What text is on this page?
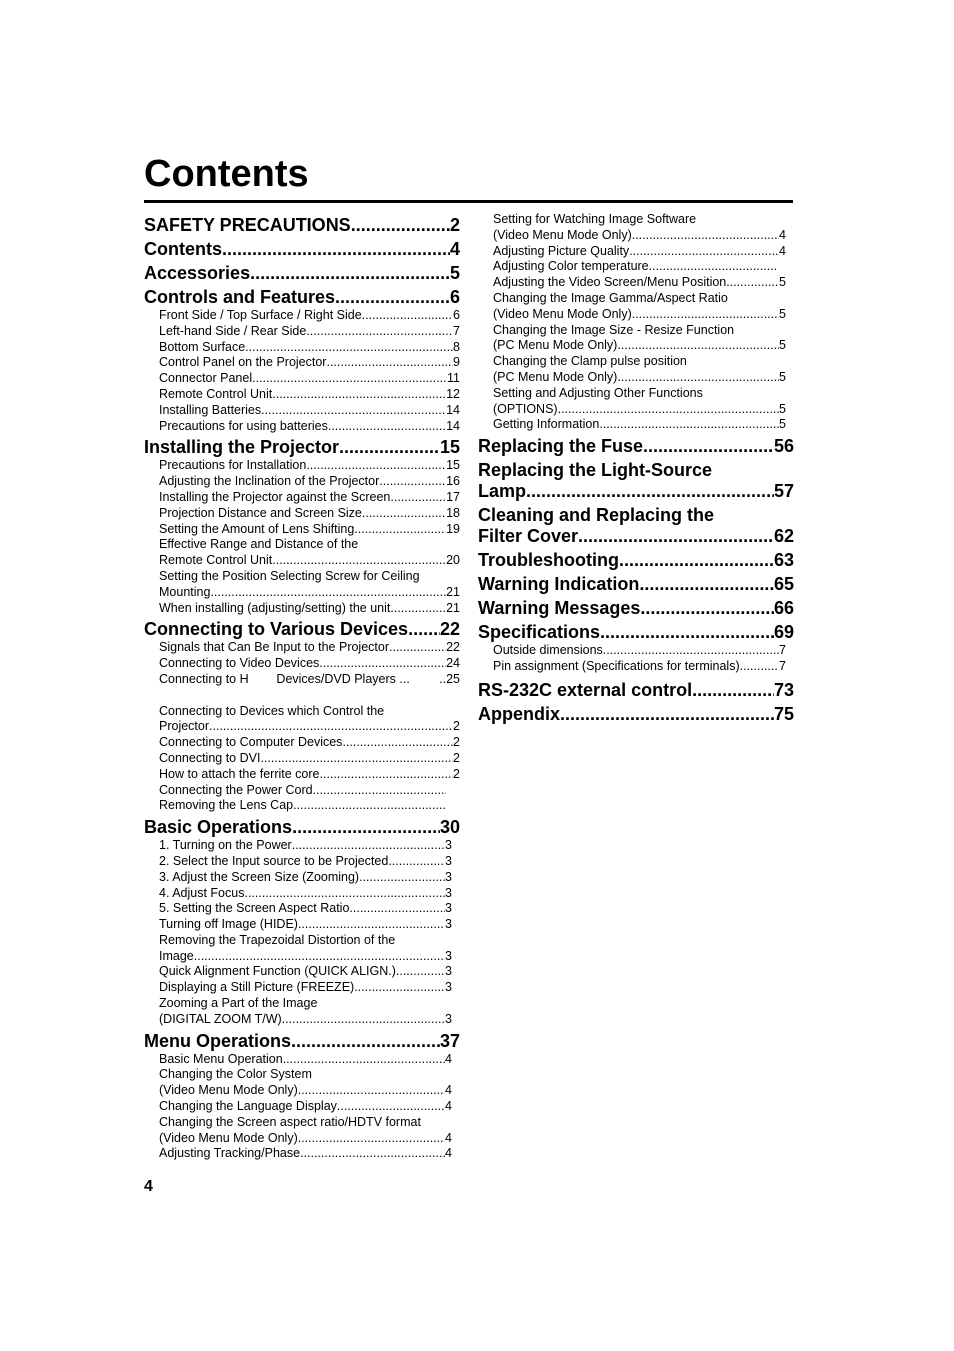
Contents
SAFETY PRECAUTIONS .....	2
Contents .....	4
Accessories .....	5
Controls and Features .....	6
Front Side / Top Surface / Right Side .....	6
Left-hand Side / Rear Side .....	7
Bottom Surface .....	8
Control Panel on the Projector .....	9
Connector Panel .....	11
Remote Control Unit .....	12
Installing Batteries .....	14
Precautions for using batteries .....	14
Installing the Projector .....	15
Precautions for Installation .....	15
Adjusting the Inclination of the Projector .....	16
Installing the Projector against the Screen .....	17
Projection Distance and Screen Size .....	18
Setting the Amount of Lens Shifting .....	19
Effective Range and Distance of the
Remote Control Unit .....	20
Setting the Position Selecting Screw for Ceiling
Mounting .....	21
When installing (adjusting/setting) the unit .....	21
Connecting to Various Devices ..... 22
Signals that Can Be Input to the Projector .....	22
Connecting to Video Devices .....	24
Connecting to H        Devices/DVD Players ... ..25
Connecting to Devices which Control the
Projector .....	2
Connecting to Computer Devices .....	2
Connecting to DVI .....	2
How to attach the ferrite core .....	2
Connecting the Power Cord
.....
Removing the Lens Cap
.....
Basic Operations .....	30
1. Turning on the Power .....	3
2. Select the Input source to be Projected .....	3
3. Adjust the Screen Size (Zooming) .....	3
4. Adjust Focus .....	3
5. Setting the Screen Aspect Ratio .....	3
Turning off Image (HIDE) .....	3
Removing the Trapezoidal Distortion of the
Image .....	3
Quick Alignment Function (QUICK ALIGN.) .....	3
Displaying a Still Picture (FREEZE) .....	3
Zooming a Part of the Image
(DIGITAL ZOOM T/W) .....	3
Menu Operations .....	37
Basic Menu Operation .....	4
Changing the Color System
(Video Menu Mode Only) .....	4
Changing the Language Display .....	4
Changing the Screen aspect ratio/HDTV format
(Video Menu Mode Only) .....	4
Adjusting Tracking/Phase .....	4
Setting for Watching Image Software
(Video Menu Mode Only) .....	4
Adjusting Picture Quality .....	4
Adjusting Color temperature
.....
Adjusting the Video Screen/Menu Position .....	5
Changing the Image Gamma/Aspect Ratio
(Video Menu Mode Only) .....	5
Changing the Image Size - Resize Function
(PC Menu Mode Only) .....	5
Changing the Clamp pulse position
(PC Menu Mode Only) .....	5
Setting and Adjusting Other Functions
(OPTIONS) .....	5
Getting Information .....	5
Replacing the Fuse .....	56
Replacing the Light-Source
Lamp .....	57
Cleaning and Replacing the
Filter Cover .....	62
Troubleshooting .....	63
Warning Indication .....	65
Warning Messages .....	66
Specifications .....	69
Outside dimensions .....	7
Pin assignment (Specifications for terminals) .....	7
RS-232C external control .....	73
Appendix .....	75
4
